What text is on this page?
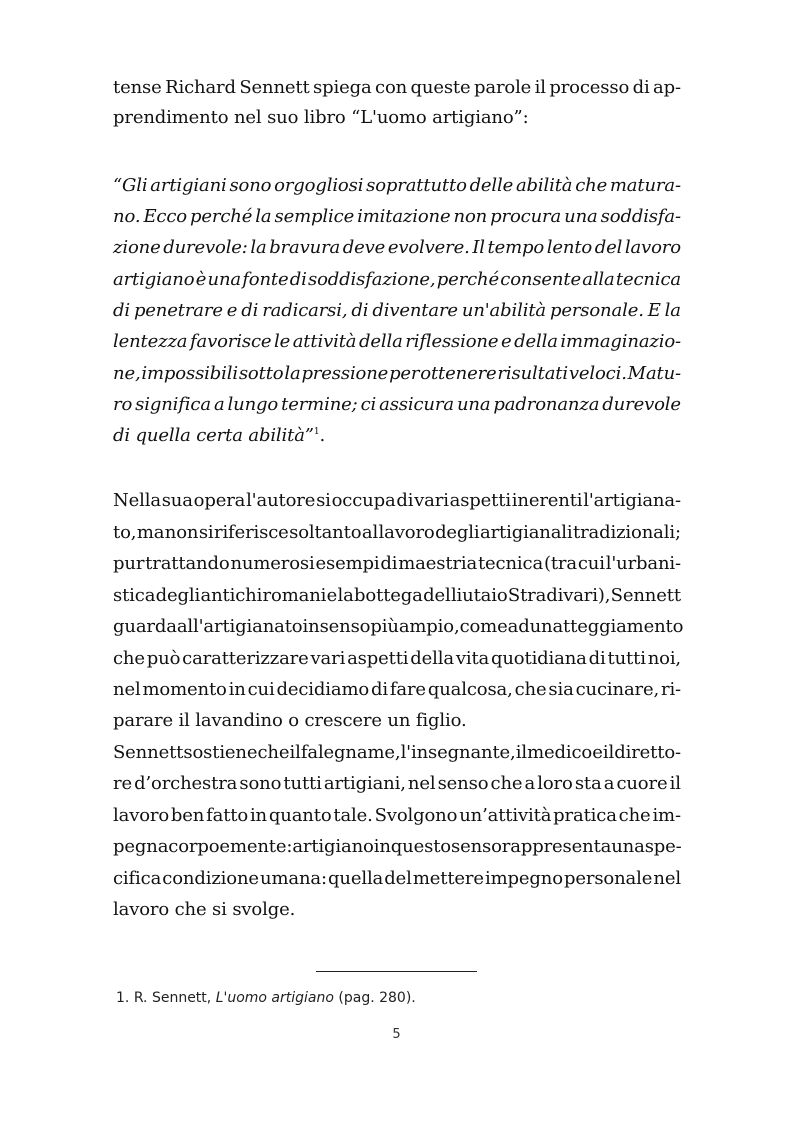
tense Richard Sennett spiega con queste parole il processo di ap-
prendimento nel suo libro “L'uomo artigiano”:
“Gli artigiani sono orgogliosi soprattutto delle abilità che matura-
no. Ecco perché la semplice imitazione non procura una soddisfa-
zione durevole: la bravura deve evolvere. Il tempo lento del lavoro
artigiano è una fonte di soddisfazione, perché consente alla tecnica
di penetrare e di radicarsi, di diventare un'abilità personale. E la
lentezza favorisce le attività della riflessione e della immaginazio-
ne, impossibili sotto la pressione per ottenere risultati veloci. Matu-
ro significa a lungo termine; ci assicura una padronanza durevole
di quella certa abilità”$^1$.
Nella sua opera l'autore si occupa di vari aspetti inerenti l'artigiana-
to, ma non si riferisce soltanto al lavoro degli artigianali tradizionali;
pur trattando numerosi esempi di maestria tecnica (tra cui l'urbani-
stica degli antichi romani e la bottega del liutaio Stradivari), Sennett
guarda all'artigianato in senso più ampio, come ad un atteggiamento
che può caratterizzare vari aspetti della vita quotidiana di tutti noi,
nel momento in cui decidiamo di fare qualcosa, che sia cucinare, ri-
parare il lavandino o crescere un figlio.
Sennett sostiene che il falegname, l'insegnante, il medico e il diretto-
re d’orchestra sono tutti artigiani, nel senso che a loro sta a cuore il
lavoro ben fatto in quanto tale. Svolgono un’attività pratica che im-
pegna corpo e mente: artigiano in questo senso rappresenta una spe-
cifica condizione umana: quella del mettere impegno personale nel
lavoro che si svolge.
1. R. Sennett, L'uomo artigiano (pag. 280).
5
